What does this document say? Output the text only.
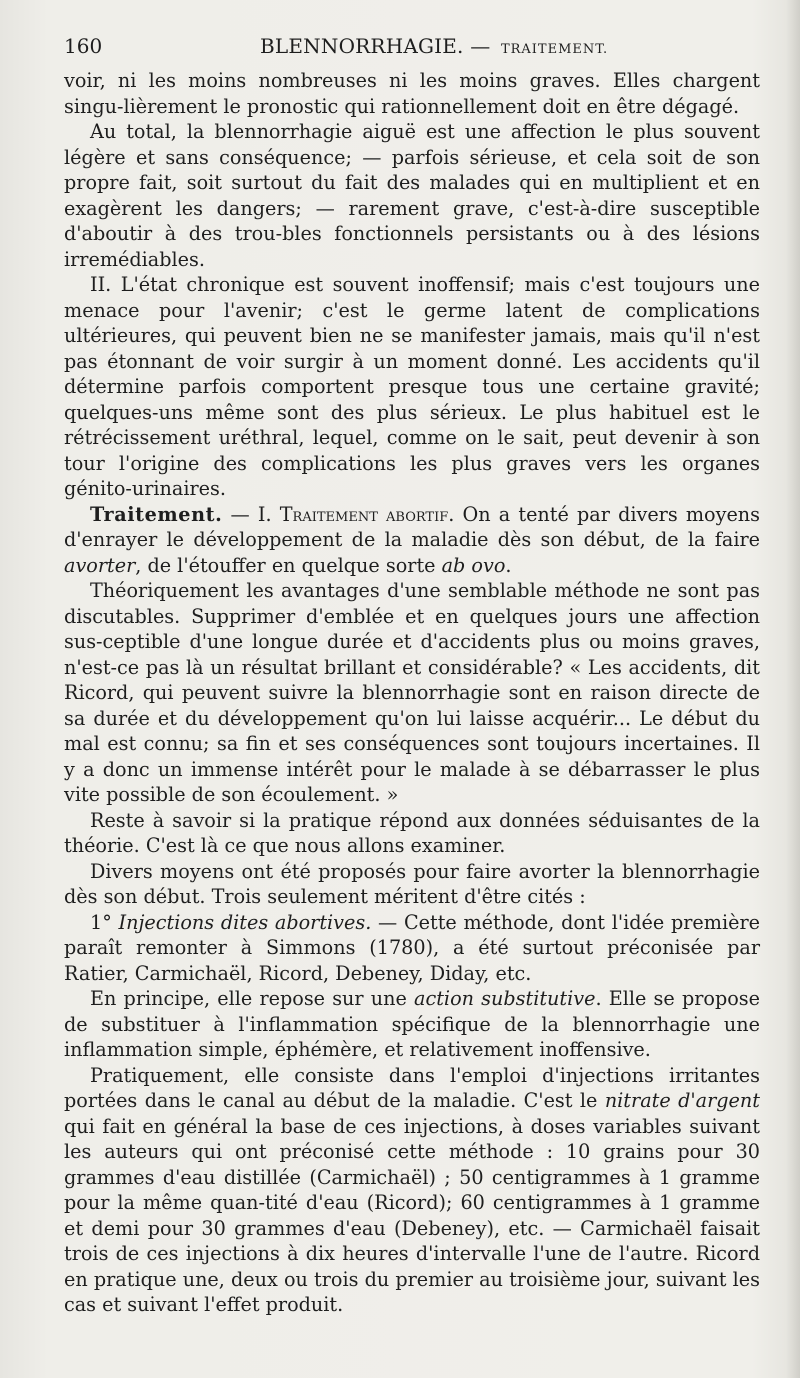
160	BLENNORRHAGIE. — TRAITEMENT.

voir, ni les moins nombreuses ni les moins graves. Elles chargent singu-lièrement le pronostic qui rationnellement doit en être dégagé.

Au total, la blennorrhagie aiguë est une affection le plus souvent légère et sans conséquence; — parfois sérieuse, et cela soit de son propre fait, soit surtout du fait des malades qui en multiplient et en exagèrent les dangers; — rarement grave, c'est-à-dire susceptible d'aboutir à des trou-bles fonctionnels persistants ou à des lésions irremédiables.

II. L'état chronique est souvent inoffensif; mais c'est toujours une menace pour l'avenir; c'est le germe latent de complications ultérieures, qui peuvent bien ne se manifester jamais, mais qu'il n'est pas étonnant de voir surgir à un moment donné. Les accidents qu'il détermine parfois comportent presque tous une certaine gravité; quelques-uns même sont des plus sérieux. Le plus habituel est le rétrécissement uréthral, lequel, comme on le sait, peut devenir à son tour l'origine des complications les plus graves vers les organes génito-urinaires.

Traitement. — I. Traitement abortif. On a tenté par divers moyens d'enrayer le développement de la maladie dès son début, de la faire avorter, de l'étouffer en quelque sorte ab ovo.

Théoriquement les avantages d'une semblable méthode ne sont pas discutables. Supprimer d'emblée et en quelques jours une affection sus-ceptible d'une longue durée et d'accidents plus ou moins graves, n'est-ce pas là un résultat brillant et considérable? « Les accidents, dit Ricord, qui peuvent suivre la blennorrhagie sont en raison directe de sa durée et du développement qu'on lui laisse acquérir... Le début du mal est connu; sa fin et ses conséquences sont toujours incertaines. Il y a donc un immense intérêt pour le malade à se débarrasser le plus vite possible de son écoulement. »

Reste à savoir si la pratique répond aux données séduisantes de la théorie. C'est là ce que nous allons examiner.

Divers moyens ont été proposés pour faire avorter la blennorrhagie dès son début. Trois seulement méritent d'être cités :

1° Injections dites abortives. — Cette méthode, dont l'idée première paraît remonter à Simmons (1780), a été surtout préconisée par Ratier, Carmichaël, Ricord, Debeney, Diday, etc.

En principe, elle repose sur une action substitutive. Elle se propose de substituer à l'inflammation spécifique de la blennorrhagie une inflammation simple, éphémère, et relativement inoffensive.

Pratiquement, elle consiste dans l'emploi d'injections irritantes portées dans le canal au début de la maladie. C'est le nitrate d'argent qui fait en général la base de ces injections, à doses variables suivant les auteurs qui ont préconisé cette méthode : 10 grains pour 30 grammes d'eau distillée (Carmichaël) ; 50 centigrammes à 1 gramme pour la même quan-tité d'eau (Ricord); 60 centigrammes à 1 gramme et demi pour 30 grammes d'eau (Debeney), etc. — Carmichaël faisait trois de ces injections à dix heures d'intervalle l'une de l'autre. Ricord en pratique une, deux ou trois du premier au troisième jour, suivant les cas et suivant l'effet produit.
